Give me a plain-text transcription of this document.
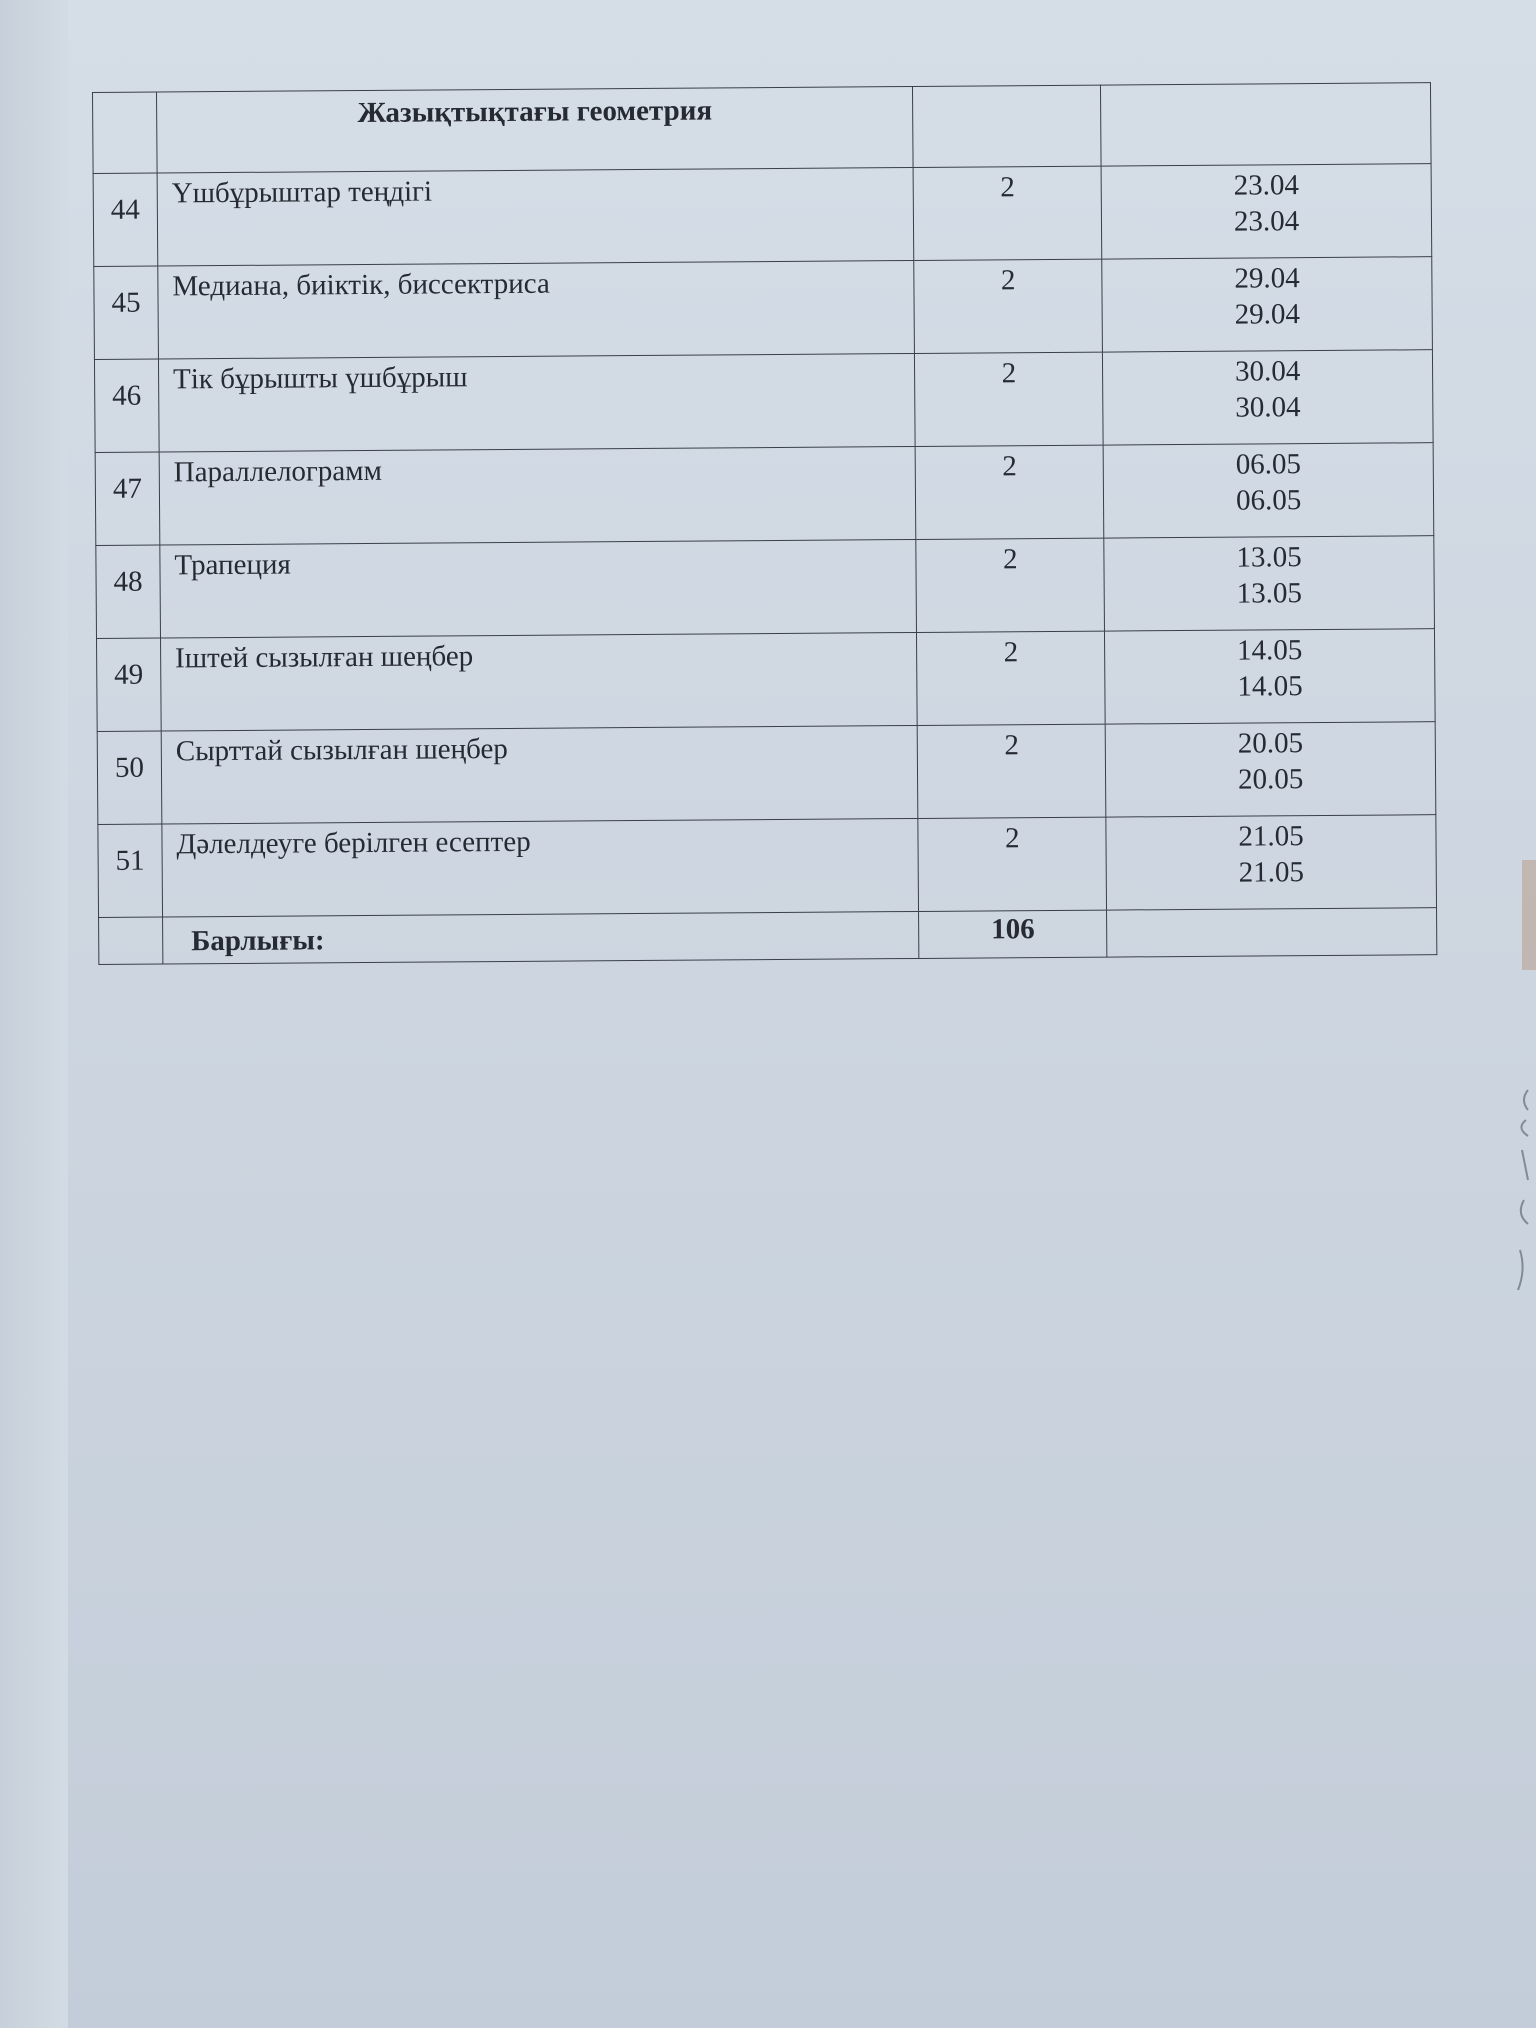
	Жазықтықтағы геометрия		
44	Үшбұрыштар теңдігі	2	23.04
23.04

45	Медиана, биіктік, биссектриса	2	29.04
29.04

46	Тік бұрышты үшбұрыш	2	30.04
30.04

47	Параллелограмм	2	06.05
06.05

48	Трапеция	2	13.05
13.05

49	Іштей сызылған шеңбер	2	14.05
14.05

50	Сырттай сызылған шеңбер	2	20.05
20.05

51	Дәлелдеуге берілген есептер	2	21.05
21.05

	Барлығы:	106	
